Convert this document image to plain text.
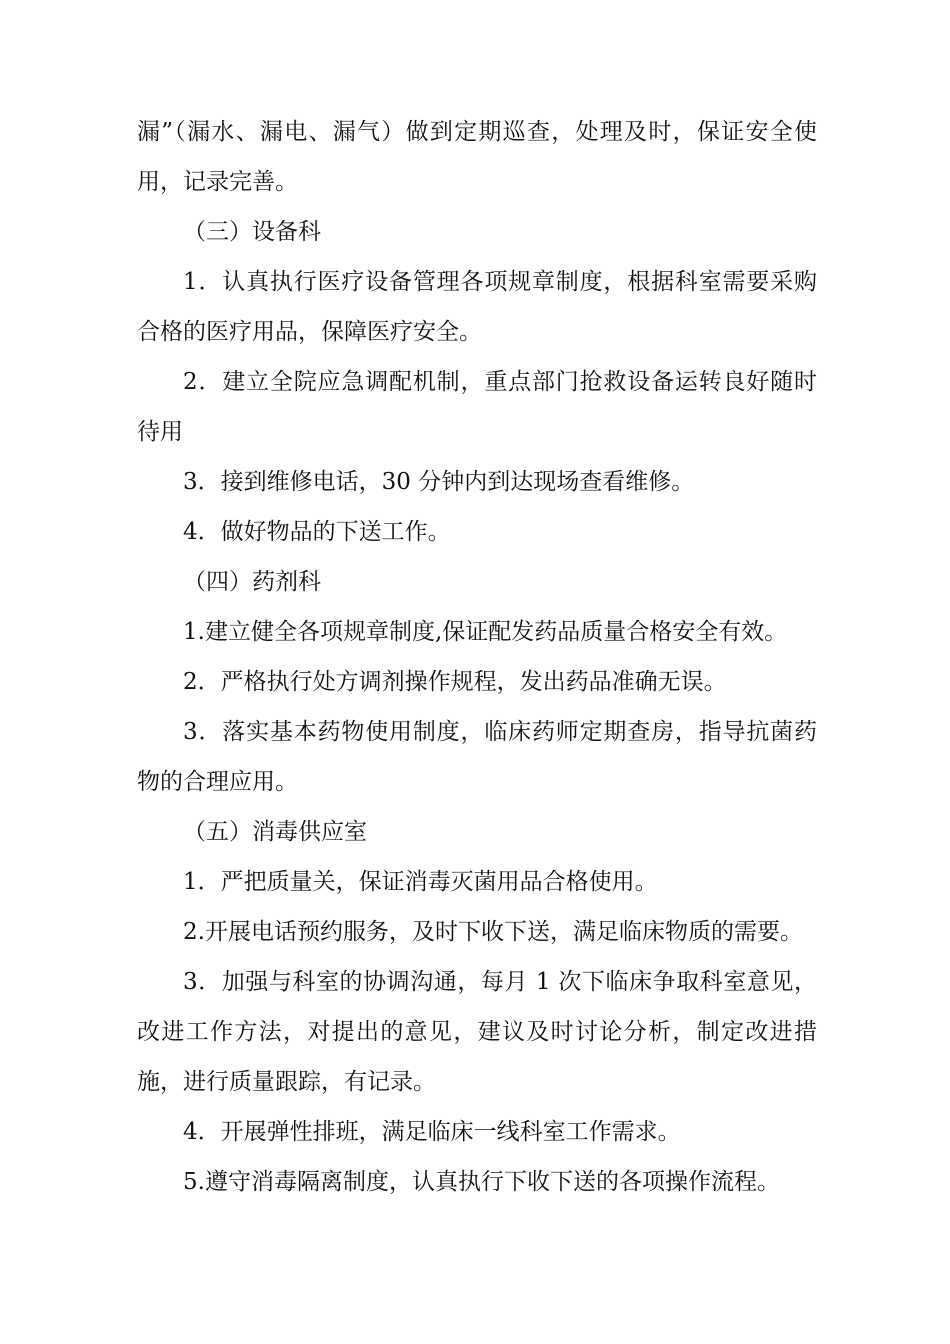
漏”（漏水、漏电、漏气）做到定期巡查，处理及时，保证安全使用，记录完善。

（三）设备科

1．认真执行医疗设备管理各项规章制度，根据科室需要采购合格的医疗用品，保障医疗安全。

2．建立全院应急调配机制，重点部门抢救设备运转良好随时待用

3．接到维修电话，30 分钟内到达现场查看维修。

4．做好物品的下送工作。

（四）药剂科

1.建立健全各项规章制度,保证配发药品质量合格安全有效。

2．严格执行处方调剂操作规程，发出药品准确无误。

3．落实基本药物使用制度，临床药师定期查房，指导抗菌药物的合理应用。

（五）消毒供应室

1．严把质量关，保证消毒灭菌用品合格使用。

2.开展电话预约服务，及时下收下送，满足临床物质的需要。

3．加强与科室的协调沟通，每月 1 次下临床争取科室意见，改进工作方法，对提出的意见，建议及时讨论分析，制定改进措施，进行质量跟踪，有记录。

4．开展弹性排班，满足临床一线科室工作需求。

5.遵守消毒隔离制度，认真执行下收下送的各项操作流程。
